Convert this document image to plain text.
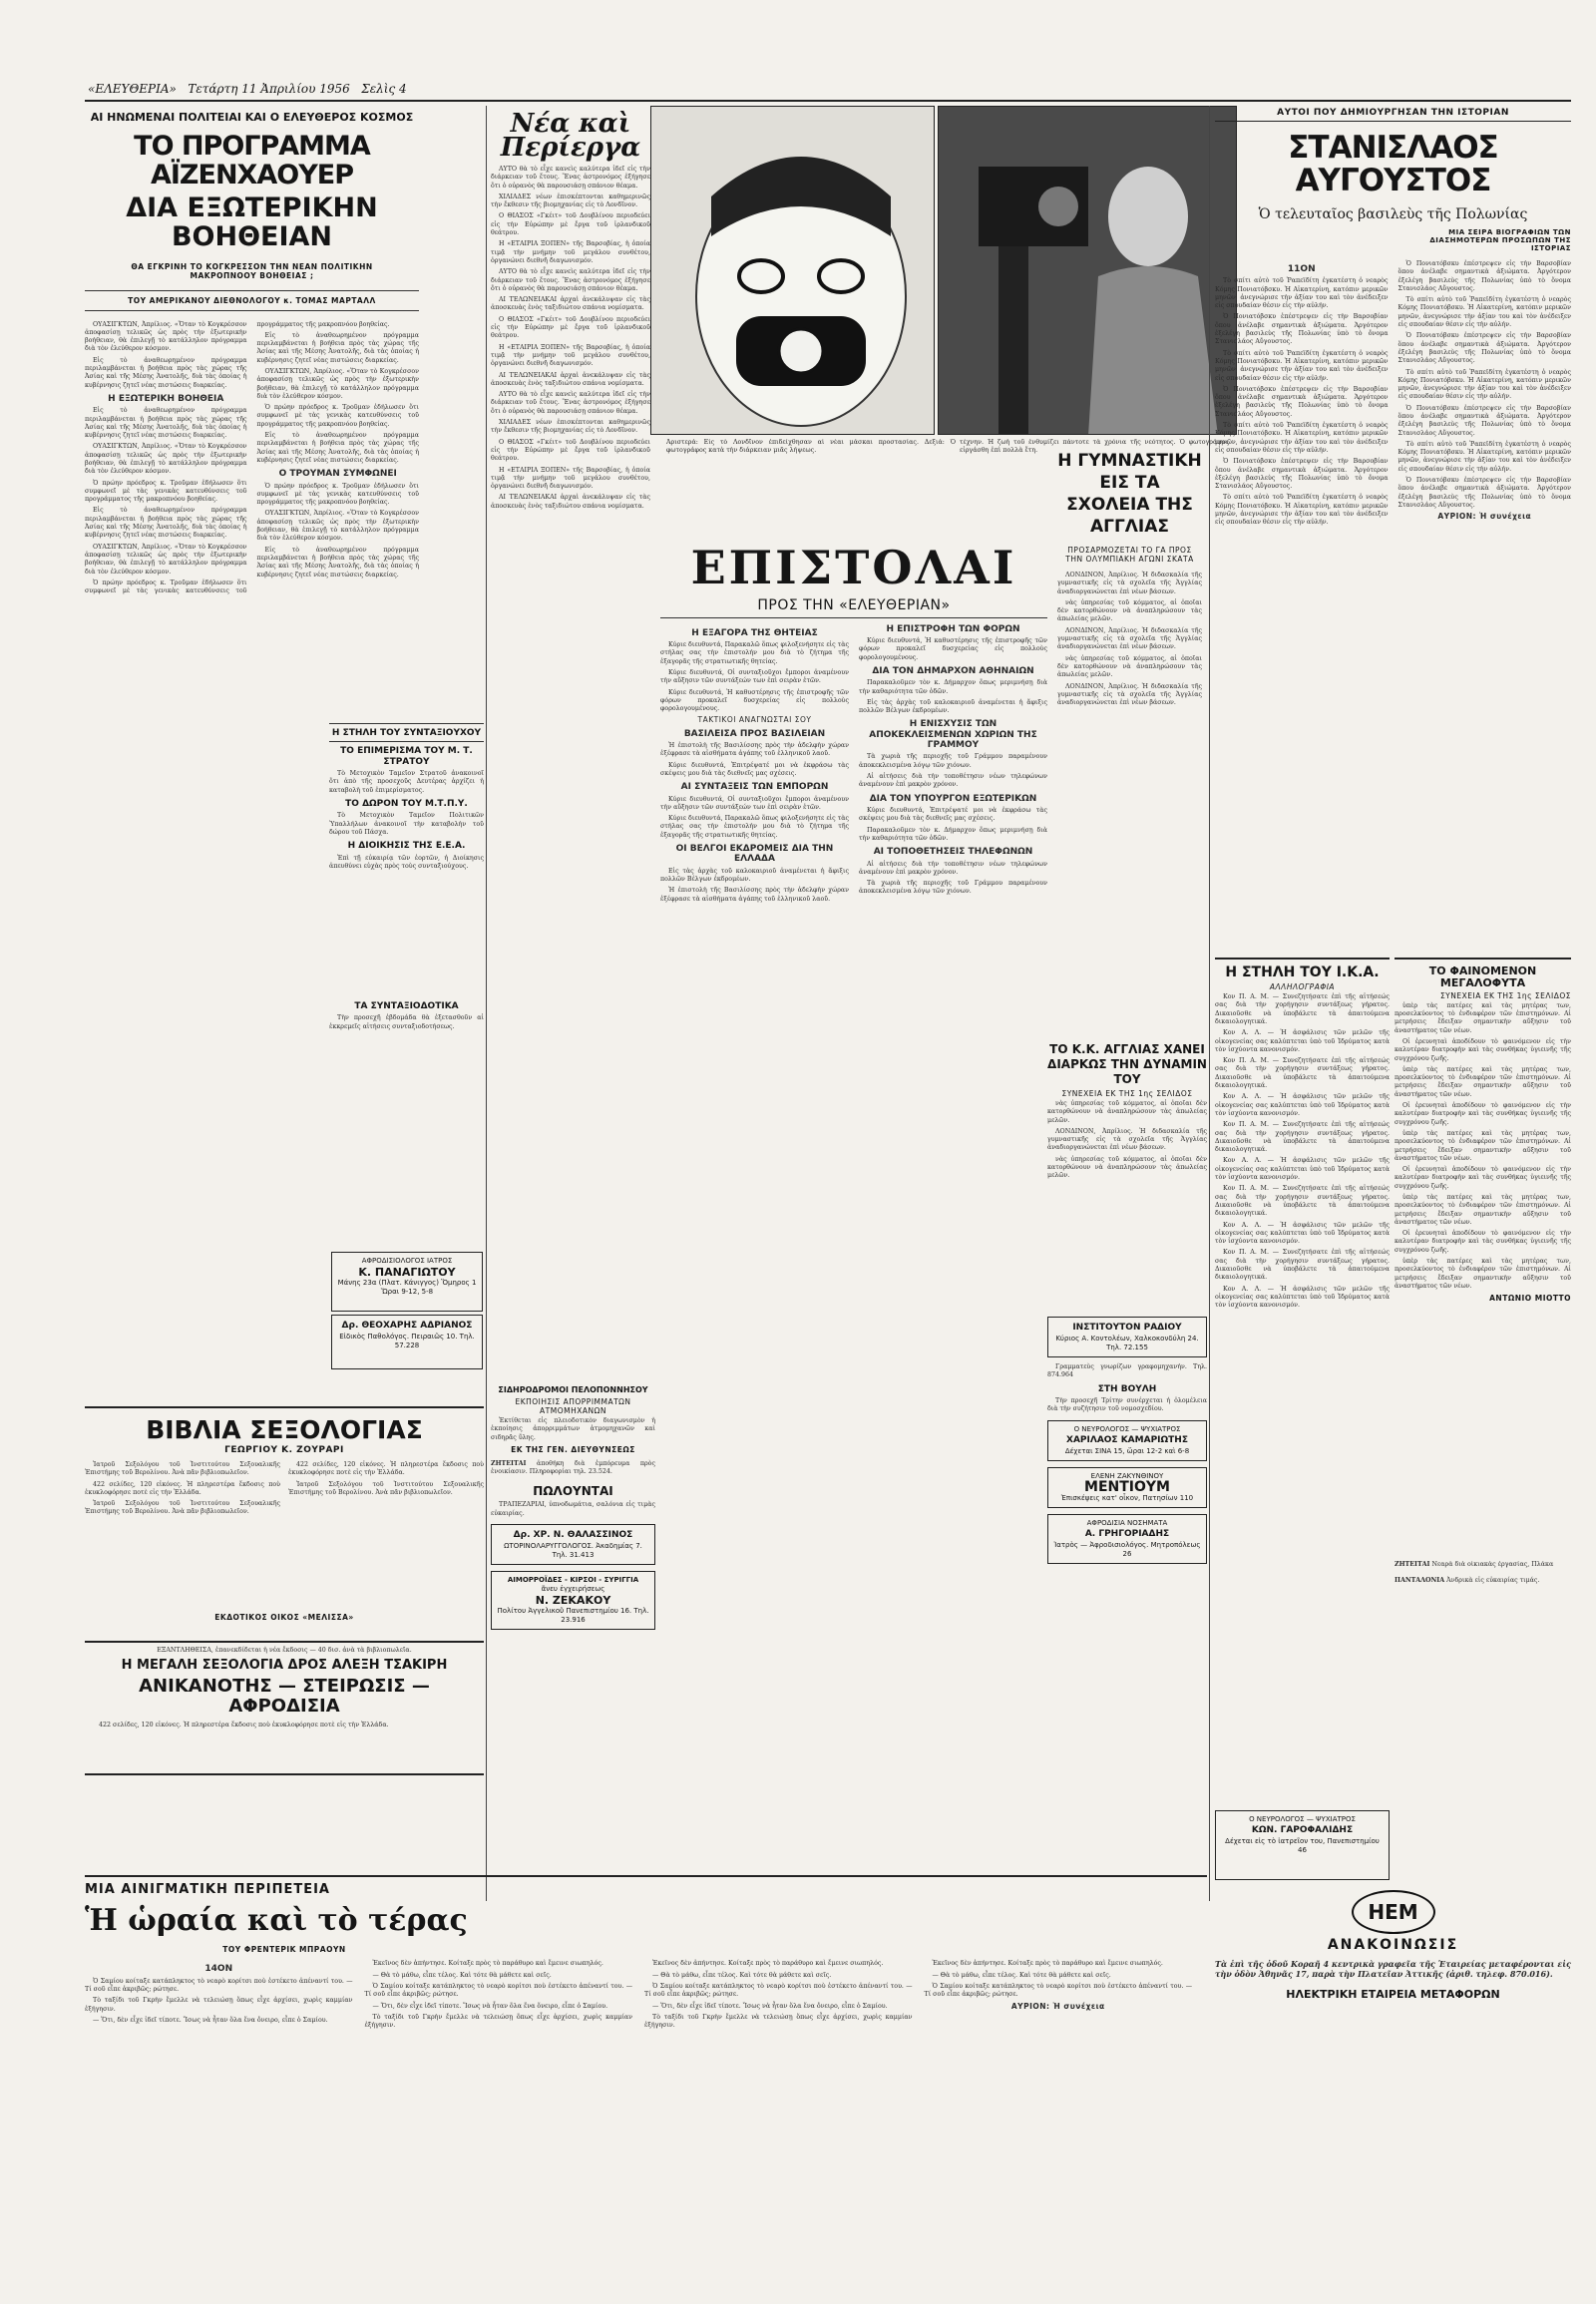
«ΕΛΕΥΘΕΡΙΑ» Τετάρτη 11 Ἀπριλίου 1956 Σελὶς 4
ΑΙ ΗΝΩΜΕΝΑΙ ΠΟΛΙΤΕΙΑΙ ΚΑΙ Ο ΕΛΕΥΘΕΡΟΣ ΚΟΣΜΟΣ
ΤΟ ΠΡΟΓΡΑΜΜΑ ΑΪΖΕΝΧΑΟΥΕΡ
ΔΙΑ ΕΞΩΤΕΡΙΚΗΝ ΒΟΗΘΕΙΑΝ
ΘΑ ΕΓΚΡΙΝΗ ΤΟ ΚΟΓΚΡΕΣΣΟΝ ΤΗΝ ΝΕΑΝ ΠΟΛΙΤΙΚΗΝ ΜΑΚΡΟΠΝΟΟΥ ΒΟΗΘΕΙΑΣ ;
ΤΟΥ ΑΜΕΡΙΚΑΝΟΥ ΔΙΕΘΝΟΛΟΓΟΥ κ. ΤΟΜΑΣ ΜΑΡΤΑΛΛ

ΟΥΑΣΙΓΚΤΩΝ, Ἀπρίλιος. «Ὅταν τὸ Κογκρέσσον ἀποφασίσῃ τελικῶς ὡς πρὸς τὴν ἐξωτερικὴν βοήθειαν, θὰ ἐπιλεγῇ τὸ κατάλληλον πρόγραμμα διὰ τὸν ἐλεύθερον κόσμον.

Εἰς τὸ ἀναθεωρημένον πρόγραμμα περιλαμβάνεται ἡ βοήθεια πρὸς τὰς χώρας τῆς Ἀσίας καὶ τῆς Μέσης Ἀνατολῆς, διὰ τὰς ὁποίας ἡ κυβέρνησις ζητεῖ νέας πιστώσεις διαρκείας.

Η ΕΞΩΤΕΡΙΚΗ ΒΟΗΘΕΙΑ

Εἰς τὸ ἀναθεωρημένον πρόγραμμα περιλαμβάνεται ἡ βοήθεια πρὸς τὰς χώρας τῆς Ἀσίας καὶ τῆς Μέσης Ἀνατολῆς, διὰ τὰς ὁποίας ἡ κυβέρνησις ζητεῖ νέας πιστώσεις διαρκείας.

ΟΥΑΣΙΓΚΤΩΝ, Ἀπρίλιος. «Ὅταν τὸ Κογκρέσσον ἀποφασίσῃ τελικῶς ὡς πρὸς τὴν ἐξωτερικὴν βοήθειαν, θὰ ἐπιλεγῇ τὸ κατάλληλον πρόγραμμα διὰ τὸν ἐλεύθερον κόσμον.

Ὁ πρώην πρόεδρος κ. Τροῦμαν ἐδήλωσεν ὅτι συμφωνεῖ μὲ τὰς γενικὰς κατευθύνσεις τοῦ προγράμματος τῆς μακροπνόου βοηθείας.

Εἰς τὸ ἀναθεωρημένον πρόγραμμα περιλαμβάνεται ἡ βοήθεια πρὸς τὰς χώρας τῆς Ἀσίας καὶ τῆς Μέσης Ἀνατολῆς, διὰ τὰς ὁποίας ἡ κυβέρνησις ζητεῖ νέας πιστώσεις διαρκείας.

ΟΥΑΣΙΓΚΤΩΝ, Ἀπρίλιος. «Ὅταν τὸ Κογκρέσσον ἀποφασίσῃ τελικῶς ὡς πρὸς τὴν ἐξωτερικὴν βοήθειαν, θὰ ἐπιλεγῇ τὸ κατάλληλον πρόγραμμα διὰ τὸν ἐλεύθερον κόσμον.

Ὁ πρώην πρόεδρος κ. Τροῦμαν ἐδήλωσεν ὅτι συμφωνεῖ μὲ τὰς γενικὰς κατευθύνσεις τοῦ προγράμματος τῆς μακροπνόου βοηθείας.

Εἰς τὸ ἀναθεωρημένον πρόγραμμα περιλαμβάνεται ἡ βοήθεια πρὸς τὰς χώρας τῆς Ἀσίας καὶ τῆς Μέσης Ἀνατολῆς, διὰ τὰς ὁποίας ἡ κυβέρνησις ζητεῖ νέας πιστώσεις διαρκείας.

ΟΥΑΣΙΓΚΤΩΝ, Ἀπρίλιος. «Ὅταν τὸ Κογκρέσσον ἀποφασίσῃ τελικῶς ὡς πρὸς τὴν ἐξωτερικὴν βοήθειαν, θὰ ἐπιλεγῇ τὸ κατάλληλον πρόγραμμα διὰ τὸν ἐλεύθερον κόσμον.

Ὁ πρώην πρόεδρος κ. Τροῦμαν ἐδήλωσεν ὅτι συμφωνεῖ μὲ τὰς γενικὰς κατευθύνσεις τοῦ προγράμματος τῆς μακροπνόου βοηθείας.

Εἰς τὸ ἀναθεωρημένον πρόγραμμα περιλαμβάνεται ἡ βοήθεια πρὸς τὰς χώρας τῆς Ἀσίας καὶ τῆς Μέσης Ἀνατολῆς, διὰ τὰς ὁποίας ἡ κυβέρνησις ζητεῖ νέας πιστώσεις διαρκείας.

Ο ΤΡΟΥΜΑΝ ΣΥΜΦΩΝΕΙ

Ὁ πρώην πρόεδρος κ. Τροῦμαν ἐδήλωσεν ὅτι συμφωνεῖ μὲ τὰς γενικὰς κατευθύνσεις τοῦ προγράμματος τῆς μακροπνόου βοηθείας.

ΟΥΑΣΙΓΚΤΩΝ, Ἀπρίλιος. «Ὅταν τὸ Κογκρέσσον ἀποφασίσῃ τελικῶς ὡς πρὸς τὴν ἐξωτερικὴν βοήθειαν, θὰ ἐπιλεγῇ τὸ κατάλληλον πρόγραμμα διὰ τὸν ἐλεύθερον κόσμον.

Εἰς τὸ ἀναθεωρημένον πρόγραμμα περιλαμβάνεται ἡ βοήθεια πρὸς τὰς χώρας τῆς Ἀσίας καὶ τῆς Μέσης Ἀνατολῆς, διὰ τὰς ὁποίας ἡ κυβέρνησις ζητεῖ νέας πιστώσεις διαρκείας.

Νέα καὶ
Περίεργα

ΑΥΤΟ θὰ τὸ εἶχε κανεὶς καλύτερα ἰδεῖ εἰς τὴν διάρκειαν τοῦ ἔτους. Ἕνας ἀστρονόμος ἐξήγησε ὅτι ὁ οὐρανὸς θὰ παρουσιάσῃ σπάνιον θέαμα.

ΧΙΛΙΑΔΕΣ νέων ἐπισκέπτονται καθημερινῶς τὴν ἔκθεσιν τῆς βιομηχανίας εἰς τὸ Λονδῖνον.

Ο ΘΙΑΣΟΣ «Γκέιτ» τοῦ Δουβλίνου περιοδεύει εἰς τὴν Εὐρώπην μὲ ἔργα τοῦ ἰρλανδικοῦ θεάτρου.

Η «ΕΤΑΙΡΙΑ ΞΟΠΕΝ» τῆς Βαρσοβίας, ἡ ὁποία τιμᾷ τὴν μνήμην τοῦ μεγάλου συνθέτου, ὀργανώνει διεθνῆ διαγωνισμόν.

ΑΥΤΟ θὰ τὸ εἶχε κανεὶς καλύτερα ἰδεῖ εἰς τὴν διάρκειαν τοῦ ἔτους. Ἕνας ἀστρονόμος ἐξήγησε ὅτι ὁ οὐρανὸς θὰ παρουσιάσῃ σπάνιον θέαμα.

ΑΙ ΤΕΛΩΝΕΙΑΚΑΙ ἀρχαὶ ἀνεκάλυψαν εἰς τὰς ἀποσκευὰς ἑνὸς ταξιδιώτου σπάνια νομίσματα.

Ο ΘΙΑΣΟΣ «Γκέιτ» τοῦ Δουβλίνου περιοδεύει εἰς τὴν Εὐρώπην μὲ ἔργα τοῦ ἰρλανδικοῦ θεάτρου.

Η «ΕΤΑΙΡΙΑ ΞΟΠΕΝ» τῆς Βαρσοβίας, ἡ ὁποία τιμᾷ τὴν μνήμην τοῦ μεγάλου συνθέτου, ὀργανώνει διεθνῆ διαγωνισμόν.

ΑΙ ΤΕΛΩΝΕΙΑΚΑΙ ἀρχαὶ ἀνεκάλυψαν εἰς τὰς ἀποσκευὰς ἑνὸς ταξιδιώτου σπάνια νομίσματα.

ΑΥΤΟ θὰ τὸ εἶχε κανεὶς καλύτερα ἰδεῖ εἰς τὴν διάρκειαν τοῦ ἔτους. Ἕνας ἀστρονόμος ἐξήγησε ὅτι ὁ οὐρανὸς θὰ παρουσιάσῃ σπάνιον θέαμα.

ΧΙΛΙΑΔΕΣ νέων ἐπισκέπτονται καθημερινῶς τὴν ἔκθεσιν τῆς βιομηχανίας εἰς τὸ Λονδῖνον.

Ο ΘΙΑΣΟΣ «Γκέιτ» τοῦ Δουβλίνου περιοδεύει εἰς τὴν Εὐρώπην μὲ ἔργα τοῦ ἰρλανδικοῦ θεάτρου.

Η «ΕΤΑΙΡΙΑ ΞΟΠΕΝ» τῆς Βαρσοβίας, ἡ ὁποία τιμᾷ τὴν μνήμην τοῦ μεγάλου συνθέτου, ὀργανώνει διεθνῆ διαγωνισμόν.

ΑΙ ΤΕΛΩΝΕΙΑΚΑΙ ἀρχαὶ ἀνεκάλυψαν εἰς τὰς ἀποσκευὰς ἑνὸς ταξιδιώτου σπάνια νομίσματα.

Η ΣΤΗΛΗ ΤΟΥ ΣΥΝΤΑΞΙΟΥΧΟΥ
ΤΟ ΕΠΙΜΕΡΙΣΜΑ ΤΟΥ Μ. Τ. ΣΤΡΑΤΟΥ

Τὸ Μετοχικὸν Ταμεῖον Στρατοῦ ἀνακοινοῖ ὅτι ἀπὸ τῆς προσεχοῦς Δευτέρας ἀρχίζει ἡ καταβολὴ τοῦ ἐπιμερίσματος.

ΤΟ ΔΩΡΟΝ ΤΟΥ Μ.Τ.Π.Υ.

Τὸ Μετοχικὸν Ταμεῖον Πολιτικῶν Ὑπαλλήλων ἀνακοινοῖ τὴν καταβολὴν τοῦ δώρου τοῦ Πάσχα.

Η ΔΙΟΙΚΗΣΙΣ ΤΗΣ Ε.Ε.Α.

Ἐπὶ τῇ εὐκαιρίᾳ τῶν ἑορτῶν, ἡ Διοίκησις ἀπευθύνει εὐχὰς πρὸς τοὺς συνταξιούχους.

ΒΙΒΛΙΑ ΣΕΞΟΛΟΓΙΑΣ
ΓΕΩΡΓΙΟΥ Κ. ΖΟΥΡΑΡΙ

Ἰατροῦ Σεξολόγου τοῦ Ἰνστιτούτου Σεξουαλικῆς Ἐπιστήμης τοῦ Βερολίνου. Ἀνὰ πᾶν βιβλιοπωλεῖον.

422 σελίδες, 120 εἰκόνες. Ἡ πληρεστέρα ἔκδοσις ποὺ ἐκυκλοφόρησε ποτὲ εἰς τὴν Ἑλλάδα.

Ἰατροῦ Σεξολόγου τοῦ Ἰνστιτούτου Σεξουαλικῆς Ἐπιστήμης τοῦ Βερολίνου. Ἀνὰ πᾶν βιβλιοπωλεῖον.

422 σελίδες, 120 εἰκόνες. Ἡ πληρεστέρα ἔκδοσις ποὺ ἐκυκλοφόρησε ποτὲ εἰς τὴν Ἑλλάδα.

Ἰατροῦ Σεξολόγου τοῦ Ἰνστιτούτου Σεξουαλικῆς Ἐπιστήμης τοῦ Βερολίνου. Ἀνὰ πᾶν βιβλιοπωλεῖον.

ΕΚΔΟΤΙΚΟΣ ΟΙΚΟΣ «ΜΕΛΙΣΣΑ»
ΕΞΑΝΤΛΗΘΕΙΣΑ, ἐπανεκδίδεται ἡ νέα ἔκδοσις — 40 δισ. ἀνὰ τὰ βιβλιοπωλεῖα.
Η ΜΕΓΑΛΗ ΣΕΞΟΛΟΓΙΑ ΔΡΟΣ ΑΛΕΞΗ ΤΣΑΚΙΡΗ
ΑΝΙΚΑΝΟΤΗΣ — ΣΤΕΙΡΩΣΙΣ — ΑΦΡΟΔΙΣΙΑ

422 σελίδες, 120 εἰκόνες. Ἡ πληρεστέρα ἔκδοσις ποὺ ἐκυκλοφόρησε ποτὲ εἰς τὴν Ἑλλάδα.

ΤΑ ΣΥΝΤΑΞΙΟΔΟΤΙΚΑ

Τὴν προσεχῆ ἑβδομάδα θὰ ἐξετασθοῦν αἱ ἐκκρεμεῖς αἰτήσεις συνταξιοδοτήσεως.

ΑΦΡΟΔΙΣΙΟΛΟΓΟΣ ΙΑΤΡΟΣ
Κ. ΠΑΝΑΓΙΩΤΟΥ
Μάνης 23α (Πλατ. Κάνιγγος) Ὅμηρος 1 Ὥραι 9-12, 5-8
Δρ. ΘΕΟΧΑΡΗΣ ΑΔΡΙΑΝΟΣ
Εἰδικὸς Παθολόγος. Πειραιῶς 10. Τηλ. 57.228
Ἀριστερά: Εἰς τὸ Λονδῖνον ἐπιδείχθησαν αἱ νέαι μάσκαι προστασίας. Δεξιά: Ὁ φωτογράφος κατὰ τὴν διάρκειαν μιᾶς λήψεως.
τέχνην. Ἡ ζωὴ τοῦ ἐνθυμίζει πάντοτε τὰ χρόνια τῆς νεότητος. Ὁ φωτογράφος εἰργάσθη ἐπὶ πολλὰ ἔτη.
ΕΠΙΣΤΟΛΑΙ
ΠΡΟΣ ΤΗΝ «ΕΛΕΥΘΕΡΙΑΝ»
Η ΕΞΑΓΟΡΑ ΤΗΣ ΘΗΤΕΙΑΣ

Κύριε διευθυντά, Παρακαλῶ ὅπως φιλοξενήσητε εἰς τὰς στήλας σας τὴν ἐπιστολήν μου διὰ τὸ ζήτημα τῆς ἐξαγορᾶς τῆς στρατιωτικῆς θητείας.

Κύριε διευθυντά, Οἱ συνταξιοῦχοι ἔμποροι ἀναμένουν τὴν αὔξησιν τῶν συντάξεών των ἐπὶ σειρὰν ἐτῶν.

Κύριε διευθυντά, Ἡ καθυστέρησις τῆς ἐπιστροφῆς τῶν φόρων προκαλεῖ δυσχερείας εἰς πολλοὺς φορολογουμένους.

ΤΑΚΤΙΚΟΙ ΑΝΑΓΝΩΣΤΑΙ ΣΟΥ
ΒΑΣΙΛΕΙΣΑ ΠΡΟΣ ΒΑΣΙΛΕΙΑΝ

Ἡ ἐπιστολὴ τῆς Βασιλίσσης πρὸς τὴν ἀδελφὴν χώραν ἐξέφρασε τὰ αἰσθήματα ἀγάπης τοῦ ἑλληνικοῦ λαοῦ.

Κύριε διευθυντά, Ἐπιτρέψατέ μοι νὰ ἐκφράσω τὰς σκέψεις μου διὰ τὰς διεθνεῖς μας σχέσεις.

ΑΙ ΣΥΝΤΑΞΕΙΣ ΤΩΝ ΕΜΠΟΡΩΝ

Κύριε διευθυντά, Οἱ συνταξιοῦχοι ἔμποροι ἀναμένουν τὴν αὔξησιν τῶν συντάξεών των ἐπὶ σειρὰν ἐτῶν.

Κύριε διευθυντά, Παρακαλῶ ὅπως φιλοξενήσητε εἰς τὰς στήλας σας τὴν ἐπιστολήν μου διὰ τὸ ζήτημα τῆς ἐξαγορᾶς τῆς στρατιωτικῆς θητείας.

ΟΙ ΒΕΛΓΟΙ ΕΚΔΡΟΜΕΙΣ ΔΙΑ ΤΗΝ ΕΛΛΑΔΑ

Εἰς τὰς ἀρχὰς τοῦ καλοκαιριοῦ ἀναμένεται ἡ ἄφιξις πολλῶν Βέλγων ἐκδρομέων.

Ἡ ἐπιστολὴ τῆς Βασιλίσσης πρὸς τὴν ἀδελφὴν χώραν ἐξέφρασε τὰ αἰσθήματα ἀγάπης τοῦ ἑλληνικοῦ λαοῦ.

Η ΕΠΙΣΤΡΟΦΗ ΤΩΝ ΦΟΡΩΝ

Κύριε διευθυντά, Ἡ καθυστέρησις τῆς ἐπιστροφῆς τῶν φόρων προκαλεῖ δυσχερείας εἰς πολλοὺς φορολογουμένους.

ΔΙΑ ΤΟΝ ΔΗΜΑΡΧΟΝ ΑΘΗΝΑΙΩΝ

Παρακαλοῦμεν τὸν κ. Δήμαρχον ὅπως μεριμνήσῃ διὰ τὴν καθαριότητα τῶν ὁδῶν.

Εἰς τὰς ἀρχὰς τοῦ καλοκαιριοῦ ἀναμένεται ἡ ἄφιξις πολλῶν Βέλγων ἐκδρομέων.

Η ΕΝΙΣΧΥΣΙΣ ΤΩΝ ΑΠΟΚΕΚΛΕΙΣΜΕΝΩΝ ΧΩΡΙΩΝ ΤΗΣ ΓΡΑΜΜΟΥ

Τὰ χωριὰ τῆς περιοχῆς τοῦ Γράμμου παραμένουν ἀποκεκλεισμένα λόγῳ τῶν χιόνων.

Αἱ αἰτήσεις διὰ τὴν τοποθέτησιν νέων τηλεφώνων ἀναμένουν ἐπὶ μακρὸν χρόνον.

ΔΙΑ ΤΟΝ ΥΠΟΥΡΓΟΝ ΕΞΩΤΕΡΙΚΩΝ

Κύριε διευθυντά, Ἐπιτρέψατέ μοι νὰ ἐκφράσω τὰς σκέψεις μου διὰ τὰς διεθνεῖς μας σχέσεις.

Παρακαλοῦμεν τὸν κ. Δήμαρχον ὅπως μεριμνήσῃ διὰ τὴν καθαριότητα τῶν ὁδῶν.

ΑΙ ΤΟΠΟΘΕΤΗΣΕΙΣ ΤΗΛΕΦΩΝΩΝ

Αἱ αἰτήσεις διὰ τὴν τοποθέτησιν νέων τηλεφώνων ἀναμένουν ἐπὶ μακρὸν χρόνον.

Τὰ χωριὰ τῆς περιοχῆς τοῦ Γράμμου παραμένουν ἀποκεκλεισμένα λόγῳ τῶν χιόνων.

Η ΓΥΜΝΑΣΤΙΚΗ ΕΙΣ ΤΑ ΣΧΟΛΕΙΑ ΤΗΣ ΑΓΓΛΙΑΣ
ΠΡΟΣΑΡΜΟΖΕΤΑΙ ΤΟ ΓΑ ΠΡΟΣ ΤΗΝ ΟΛΥΜΠΙΑΚΗ ΑΓΩΝΙ ΣΚΑΤΑ

ΛΟΝΔΙΝΟΝ, Ἀπρίλιος. Ἡ διδασκαλία τῆς γυμναστικῆς εἰς τὰ σχολεῖα τῆς Ἀγγλίας ἀναδιοργανώνεται ἐπὶ νέων βάσεων.

νὰς ὑπηρεσίας τοῦ κόμματος, αἱ ὁποῖαι δὲν κατορθώνουν νὰ ἀναπληρώσουν τὰς ἀπωλείας μελῶν.

ΛΟΝΔΙΝΟΝ, Ἀπρίλιος. Ἡ διδασκαλία τῆς γυμναστικῆς εἰς τὰ σχολεῖα τῆς Ἀγγλίας ἀναδιοργανώνεται ἐπὶ νέων βάσεων.

νὰς ὑπηρεσίας τοῦ κόμματος, αἱ ὁποῖαι δὲν κατορθώνουν νὰ ἀναπληρώσουν τὰς ἀπωλείας μελῶν.

ΛΟΝΔΙΝΟΝ, Ἀπρίλιος. Ἡ διδασκαλία τῆς γυμναστικῆς εἰς τὰ σχολεῖα τῆς Ἀγγλίας ἀναδιοργανώνεται ἐπὶ νέων βάσεων.

ΤΟ Κ.Κ. ΑΓΓΛΙΑΣ ΧΑΝΕΙ ΔΙΑΡΚΩΣ ΤΗΝ ΔΥΝΑΜΙΝ ΤΟΥ
ΣΥΝΕΧΕΙΑ ΕΚ ΤΗΣ 1ης ΣΕΛΙΔΟΣ

νὰς ὑπηρεσίας τοῦ κόμματος, αἱ ὁποῖαι δὲν κατορθώνουν νὰ ἀναπληρώσουν τὰς ἀπωλείας μελῶν.

ΛΟΝΔΙΝΟΝ, Ἀπρίλιος. Ἡ διδασκαλία τῆς γυμναστικῆς εἰς τὰ σχολεῖα τῆς Ἀγγλίας ἀναδιοργανώνεται ἐπὶ νέων βάσεων.

νὰς ὑπηρεσίας τοῦ κόμματος, αἱ ὁποῖαι δὲν κατορθώνουν νὰ ἀναπληρώσουν τὰς ἀπωλείας μελῶν.

ΙΝΣΤΙΤΟΥΤΟΝ ΡΑΔΙΟΥ
Κύριος Α. Κοντολέων, Χαλκοκονδύλη 24. Τηλ. 72.155

Γραμματεὺς γνωρίζων γραφομηχανήν. Τηλ. 874.964

ΣΤΗ ΒΟΥΛΗ

Τὴν προσεχῆ Τρίτην συνέρχεται ἡ ὁλομέλεια διὰ τὴν συζήτησιν τοῦ νομοσχεδίου.

Ο ΝΕΥΡΟΛΟΓΟΣ — ΨΥΧΙΑΤΡΟΣ
ΧΑΡΙΛΑΟΣ ΚΑΜΑΡΙΩΤΗΣ
Δέχεται ΣΙΝΑ 15, ὥραι 12-2 καὶ 6-8
ΕΛΕΝΗ ΖΑΚΥΝΘΙΝΟΥ
ΜΕΝΤΙΟΥΜ
Ἐπισκέψεις κατ' οἶκον, Πατησίων 110
ΑΦΡΟΔΙΣΙΑ ΝΟΣΗΜΑΤΑ
Α. ΓΡΗΓΟΡΙΑΔΗΣ
Ἰατρὸς — Ἀφροδισιολόγος. Μητροπόλεως 26
ΑΥΤΟΙ ΠΟΥ ΔΗΜΙΟΥΡΓΗΣΑΝ ΤΗΝ ΙΣΤΟΡΙΑΝ
ΣΤΑΝΙΣΛΑΟΣ ΑΥΓΟΥΣΤΟΣ
Ὁ τελευταῖος βασιλεὺς τῆς Πολωνίας
ΜΙΑ ΣΕΙΡΑ ΒΙΟΓΡΑΦΙΩΝ ΤΩΝ ΔΙΑΣΗΜΟΤΕΡΩΝ ΠΡΟΣΩΠΩΝ ΤΗΣ ΙΣΤΟΡΙΑΣ
11ΟΝ

Τὸ σπίτι αὐτὸ τοῦ Ῥαπεϊδίτη ἐγκατέστη ὁ νεαρὸς Κόμης Πονιατόβσκυ. Ἡ Αἰκατερίνη, κατόπιν μερικῶν μηνῶν, ἀνεγνώρισε τὴν ἀξίαν του καὶ τὸν ἀνέδειξεν εἰς σπουδαίαν θέσιν εἰς τὴν αὐλήν.

Ὁ Πονιατόβσκυ ἐπέστρεψεν εἰς τὴν Βαρσοβίαν ὅπου ἀνέλαβε σημαντικὰ ἀξιώματα. Ἀργότερον ἐξελέγη βασιλεὺς τῆς Πολωνίας ὑπὸ τὸ ὄνομα Στανισλάος Αὔγουστος.

Τὸ σπίτι αὐτὸ τοῦ Ῥαπεϊδίτη ἐγκατέστη ὁ νεαρὸς Κόμης Πονιατόβσκυ. Ἡ Αἰκατερίνη, κατόπιν μερικῶν μηνῶν, ἀνεγνώρισε τὴν ἀξίαν του καὶ τὸν ἀνέδειξεν εἰς σπουδαίαν θέσιν εἰς τὴν αὐλήν.

Ὁ Πονιατόβσκυ ἐπέστρεψεν εἰς τὴν Βαρσοβίαν ὅπου ἀνέλαβε σημαντικὰ ἀξιώματα. Ἀργότερον ἐξελέγη βασιλεὺς τῆς Πολωνίας ὑπὸ τὸ ὄνομα Στανισλάος Αὔγουστος.

Τὸ σπίτι αὐτὸ τοῦ Ῥαπεϊδίτη ἐγκατέστη ὁ νεαρὸς Κόμης Πονιατόβσκυ. Ἡ Αἰκατερίνη, κατόπιν μερικῶν μηνῶν, ἀνεγνώρισε τὴν ἀξίαν του καὶ τὸν ἀνέδειξεν εἰς σπουδαίαν θέσιν εἰς τὴν αὐλήν.

Ὁ Πονιατόβσκυ ἐπέστρεψεν εἰς τὴν Βαρσοβίαν ὅπου ἀνέλαβε σημαντικὰ ἀξιώματα. Ἀργότερον ἐξελέγη βασιλεὺς τῆς Πολωνίας ὑπὸ τὸ ὄνομα Στανισλάος Αὔγουστος.

Τὸ σπίτι αὐτὸ τοῦ Ῥαπεϊδίτη ἐγκατέστη ὁ νεαρὸς Κόμης Πονιατόβσκυ. Ἡ Αἰκατερίνη, κατόπιν μερικῶν μηνῶν, ἀνεγνώρισε τὴν ἀξίαν του καὶ τὸν ἀνέδειξεν εἰς σπουδαίαν θέσιν εἰς τὴν αὐλήν.

Ὁ Πονιατόβσκυ ἐπέστρεψεν εἰς τὴν Βαρσοβίαν ὅπου ἀνέλαβε σημαντικὰ ἀξιώματα. Ἀργότερον ἐξελέγη βασιλεὺς τῆς Πολωνίας ὑπὸ τὸ ὄνομα Στανισλάος Αὔγουστος.

Τὸ σπίτι αὐτὸ τοῦ Ῥαπεϊδίτη ἐγκατέστη ὁ νεαρὸς Κόμης Πονιατόβσκυ. Ἡ Αἰκατερίνη, κατόπιν μερικῶν μηνῶν, ἀνεγνώρισε τὴν ἀξίαν του καὶ τὸν ἀνέδειξεν εἰς σπουδαίαν θέσιν εἰς τὴν αὐλήν.

Ὁ Πονιατόβσκυ ἐπέστρεψεν εἰς τὴν Βαρσοβίαν ὅπου ἀνέλαβε σημαντικὰ ἀξιώματα. Ἀργότερον ἐξελέγη βασιλεὺς τῆς Πολωνίας ὑπὸ τὸ ὄνομα Στανισλάος Αὔγουστος.

Τὸ σπίτι αὐτὸ τοῦ Ῥαπεϊδίτη ἐγκατέστη ὁ νεαρὸς Κόμης Πονιατόβσκυ. Ἡ Αἰκατερίνη, κατόπιν μερικῶν μηνῶν, ἀνεγνώρισε τὴν ἀξίαν του καὶ τὸν ἀνέδειξεν εἰς σπουδαίαν θέσιν εἰς τὴν αὐλήν.

Ὁ Πονιατόβσκυ ἐπέστρεψεν εἰς τὴν Βαρσοβίαν ὅπου ἀνέλαβε σημαντικὰ ἀξιώματα. Ἀργότερον ἐξελέγη βασιλεὺς τῆς Πολωνίας ὑπὸ τὸ ὄνομα Στανισλάος Αὔγουστος.

Τὸ σπίτι αὐτὸ τοῦ Ῥαπεϊδίτη ἐγκατέστη ὁ νεαρὸς Κόμης Πονιατόβσκυ. Ἡ Αἰκατερίνη, κατόπιν μερικῶν μηνῶν, ἀνεγνώρισε τὴν ἀξίαν του καὶ τὸν ἀνέδειξεν εἰς σπουδαίαν θέσιν εἰς τὴν αὐλήν.

Ὁ Πονιατόβσκυ ἐπέστρεψεν εἰς τὴν Βαρσοβίαν ὅπου ἀνέλαβε σημαντικὰ ἀξιώματα. Ἀργότερον ἐξελέγη βασιλεὺς τῆς Πολωνίας ὑπὸ τὸ ὄνομα Στανισλάος Αὔγουστος.

ΑΥΡΙΟΝ: Ἡ συνέχεια
Η ΣΤΗΛΗ ΤΟΥ Ι.Κ.Α.
ΑΛΛΗΛΟΓΡΑΦΙΑ

Κον Π. Α. Μ. — Συνεζητήσατε ἐπὶ τῆς αἰτήσεώς σας διὰ τὴν χορήγησιν συντάξεως γήρατος. Δικαιοῦσθε νὰ ὑποβάλετε τὰ ἀπαιτούμενα δικαιολογητικά.

Κον Α. Λ. — Ἡ ἀσφάλισις τῶν μελῶν τῆς οἰκογενείας σας καλύπτεται ὑπὸ τοῦ Ἱδρύματος κατὰ τὸν ἰσχύοντα κανονισμόν.

Κον Π. Α. Μ. — Συνεζητήσατε ἐπὶ τῆς αἰτήσεώς σας διὰ τὴν χορήγησιν συντάξεως γήρατος. Δικαιοῦσθε νὰ ὑποβάλετε τὰ ἀπαιτούμενα δικαιολογητικά.

Κον Α. Λ. — Ἡ ἀσφάλισις τῶν μελῶν τῆς οἰκογενείας σας καλύπτεται ὑπὸ τοῦ Ἱδρύματος κατὰ τὸν ἰσχύοντα κανονισμόν.

Κον Π. Α. Μ. — Συνεζητήσατε ἐπὶ τῆς αἰτήσεώς σας διὰ τὴν χορήγησιν συντάξεως γήρατος. Δικαιοῦσθε νὰ ὑποβάλετε τὰ ἀπαιτούμενα δικαιολογητικά.

Κον Α. Λ. — Ἡ ἀσφάλισις τῶν μελῶν τῆς οἰκογενείας σας καλύπτεται ὑπὸ τοῦ Ἱδρύματος κατὰ τὸν ἰσχύοντα κανονισμόν.

Κον Π. Α. Μ. — Συνεζητήσατε ἐπὶ τῆς αἰτήσεώς σας διὰ τὴν χορήγησιν συντάξεως γήρατος. Δικαιοῦσθε νὰ ὑποβάλετε τὰ ἀπαιτούμενα δικαιολογητικά.

Κον Α. Λ. — Ἡ ἀσφάλισις τῶν μελῶν τῆς οἰκογενείας σας καλύπτεται ὑπὸ τοῦ Ἱδρύματος κατὰ τὸν ἰσχύοντα κανονισμόν.

Κον Π. Α. Μ. — Συνεζητήσατε ἐπὶ τῆς αἰτήσεώς σας διὰ τὴν χορήγησιν συντάξεως γήρατος. Δικαιοῦσθε νὰ ὑποβάλετε τὰ ἀπαιτούμενα δικαιολογητικά.

Κον Α. Λ. — Ἡ ἀσφάλισις τῶν μελῶν τῆς οἰκογενείας σας καλύπτεται ὑπὸ τοῦ Ἱδρύματος κατὰ τὸν ἰσχύοντα κανονισμόν.

ΤΟ ΦΑΙΝΟΜΕΝΟΝ ΜΕΓΑΛΟΦΥΤΑ
ΣΥΝΕΧΕΙΑ ΕΚ ΤΗΣ 1ης ΣΕΛΙΔΟΣ

ὑπὲρ τὰς πατέρες καὶ τὰς μητέρας των, προσελκύοντος τὸ ἐνδιαφέρον τῶν ἐπιστημόνων. Αἱ μετρήσεις ἔδειξαν σημαντικὴν αὔξησιν τοῦ ἀναστήματος τῶν νέων.

Οἱ ἐρευνηταὶ ἀποδίδουν τὸ φαινόμενον εἰς τὴν καλυτέραν διατροφὴν καὶ τὰς συνθήκας ὑγιεινῆς τῆς συγχρόνου ζωῆς.

ὑπὲρ τὰς πατέρες καὶ τὰς μητέρας των, προσελκύοντος τὸ ἐνδιαφέρον τῶν ἐπιστημόνων. Αἱ μετρήσεις ἔδειξαν σημαντικὴν αὔξησιν τοῦ ἀναστήματος τῶν νέων.

Οἱ ἐρευνηταὶ ἀποδίδουν τὸ φαινόμενον εἰς τὴν καλυτέραν διατροφὴν καὶ τὰς συνθήκας ὑγιεινῆς τῆς συγχρόνου ζωῆς.

ὑπὲρ τὰς πατέρες καὶ τὰς μητέρας των, προσελκύοντος τὸ ἐνδιαφέρον τῶν ἐπιστημόνων. Αἱ μετρήσεις ἔδειξαν σημαντικὴν αὔξησιν τοῦ ἀναστήματος τῶν νέων.

Οἱ ἐρευνηταὶ ἀποδίδουν τὸ φαινόμενον εἰς τὴν καλυτέραν διατροφὴν καὶ τὰς συνθήκας ὑγιεινῆς τῆς συγχρόνου ζωῆς.

ὑπὲρ τὰς πατέρες καὶ τὰς μητέρας των, προσελκύοντος τὸ ἐνδιαφέρον τῶν ἐπιστημόνων. Αἱ μετρήσεις ἔδειξαν σημαντικὴν αὔξησιν τοῦ ἀναστήματος τῶν νέων.

Οἱ ἐρευνηταὶ ἀποδίδουν τὸ φαινόμενον εἰς τὴν καλυτέραν διατροφὴν καὶ τὰς συνθήκας ὑγιεινῆς τῆς συγχρόνου ζωῆς.

ὑπὲρ τὰς πατέρες καὶ τὰς μητέρας των, προσελκύοντος τὸ ἐνδιαφέρον τῶν ἐπιστημόνων. Αἱ μετρήσεις ἔδειξαν σημαντικὴν αὔξησιν τοῦ ἀναστήματος τῶν νέων.

ΑΝΤΩΝΙΟ ΜΙΟΤΤΟ
ΖΗΤΕΙΤΑΙ Νεαρὰ διὰ οἰκιακὰς ἐργασίας, Πλάκα
ΠΑΝΤΑΛΟΝΙΑ Ἀνδρικὰ εἰς εὐκαιρίας τιμάς.
Ο ΝΕΥΡΟΛΟΓΟΣ — ΨΥΧΙΑΤΡΟΣ
ΚΩΝ. ΓΑΡΟΦΑΛΙΔΗΣ
Δέχεται εἰς τὸ ἰατρεῖον του, Πανεπιστημίου 46
HEM
ΑΝΑΚΟΙΝΩΣΙΣ
Τὰ ἐπὶ τῆς ὁδοῦ Κοραῆ 4 κεντρικὰ γραφεῖα τῆς Ἑταιρείας μεταφέρονται εἰς τὴν ὁδὸν Ἀθηνᾶς 17, παρὰ τὴν Πλατεῖαν Ἀττικῆς (ἀριθ. τηλεφ. 870.016).
ΗΛΕΚΤΡΙΚΗ ΕΤΑΙΡΕΙΑ ΜΕΤΑΦΟΡΩΝ
ΜΙΑ ΑΙΝΙΓΜΑΤΙΚΗ ΠΕΡΙΠΕΤΕΙΑ
Ἡ ὡραία καὶ τὸ τέρας
ΤΟΥ ΦΡΕΝΤΕΡΙΚ ΜΠΡΑΟΥΝ
14ΟΝ

Ὁ Σαμίου κοίταξε κατάπληκτος τὸ νεαρὸ κορίτσι ποὺ ἐστέκετο ἀπέναντί του. — Τί σοῦ εἶπε ἀκριβῶς; ρώτησε.

Τὸ ταξίδι τοῦ Γκρὴν ἔμελλε νὰ τελειώσῃ ὅπως εἶχε ἀρχίσει, χωρὶς καμμίαν ἐξήγησιν.

— Ὅτι, δὲν εἶχε ἰδεῖ τίποτε. Ἴσως νὰ ἦταν ὅλα ἕνα ὄνειρο, εἶπε ὁ Σαμίου.

Ἐκεῖνος δὲν ἀπήντησε. Κοίταξε πρὸς τὸ παράθυρο καὶ ἔμεινε σιωπηλός.

— Θὰ τὸ μάθω, εἶπε τέλος. Καὶ τότε θὰ μάθετε καὶ σεῖς.

Ὁ Σαμίου κοίταξε κατάπληκτος τὸ νεαρὸ κορίτσι ποὺ ἐστέκετο ἀπέναντί του. — Τί σοῦ εἶπε ἀκριβῶς; ρώτησε.

— Ὅτι, δὲν εἶχε ἰδεῖ τίποτε. Ἴσως νὰ ἦταν ὅλα ἕνα ὄνειρο, εἶπε ὁ Σαμίου.

Τὸ ταξίδι τοῦ Γκρὴν ἔμελλε νὰ τελειώσῃ ὅπως εἶχε ἀρχίσει, χωρὶς καμμίαν ἐξήγησιν.

Ἐκεῖνος δὲν ἀπήντησε. Κοίταξε πρὸς τὸ παράθυρο καὶ ἔμεινε σιωπηλός.

— Θὰ τὸ μάθω, εἶπε τέλος. Καὶ τότε θὰ μάθετε καὶ σεῖς.

Ὁ Σαμίου κοίταξε κατάπληκτος τὸ νεαρὸ κορίτσι ποὺ ἐστέκετο ἀπέναντί του. — Τί σοῦ εἶπε ἀκριβῶς; ρώτησε.

— Ὅτι, δὲν εἶχε ἰδεῖ τίποτε. Ἴσως νὰ ἦταν ὅλα ἕνα ὄνειρο, εἶπε ὁ Σαμίου.

Τὸ ταξίδι τοῦ Γκρὴν ἔμελλε νὰ τελειώσῃ ὅπως εἶχε ἀρχίσει, χωρὶς καμμίαν ἐξήγησιν.

Ἐκεῖνος δὲν ἀπήντησε. Κοίταξε πρὸς τὸ παράθυρο καὶ ἔμεινε σιωπηλός.

— Θὰ τὸ μάθω, εἶπε τέλος. Καὶ τότε θὰ μάθετε καὶ σεῖς.

Ὁ Σαμίου κοίταξε κατάπληκτος τὸ νεαρὸ κορίτσι ποὺ ἐστέκετο ἀπέναντί του. — Τί σοῦ εἶπε ἀκριβῶς; ρώτησε.

ΑΥΡΙΟΝ: Ἡ συνέχεια
ΣΙΔΗΡΟΔΡΟΜΟΙ ΠΕΛΟΠΟΝΝΗΣΟΥ
ΕΚΠΟΙΗΣΙΣ ΑΠΟΡΡΙΜΜΑΤΩΝ ΑΤΜΟΜΗΧΑΝΩΝ

Ἐκτίθεται εἰς πλειοδοτικὸν διαγωνισμὸν ἡ ἐκποίησις ἀπορριμμάτων ἀτμομηχανῶν καὶ σιδηρᾶς ὕλης.

ΕΚ ΤΗΣ ΓΕΝ. ΔΙΕΥΘΥΝΣΕΩΣ
ΖΗΤΕΙΤΑΙ ἀποθήκη διὰ ἐμπόρευμα πρὸς ἐνοικίασιν. Πληροφορίαι τηλ. 23.524.
ΠΩΛΟΥΝΤΑΙ

ΤΡΑΠΕΖΑΡΙΑΙ, ὑπνοδωμάτια, σαλόνια εἰς τιμὰς εὐκαιρίας.

Δρ. ΧΡ. Ν. ΘΑΛΑΣΣΙΝΟΣ
ΩΤΟΡΙΝΟΛΑΡΥΓΓΟΛΟΓΟΣ. Ἀκαδημίας 7. Τηλ. 31.413
ΑΙΜΟΡΡΟΪΔΕΣ - ΚΙΡΣΟΙ - ΣΥΡΙΓΓΙΑ
ἄνευ ἐγχειρήσεως
Ν. ΖΕΚΑΚΟΥ
Πολίτου Ἀγγελικοῦ Πανεπιστημίου 16. Τηλ. 23.916
